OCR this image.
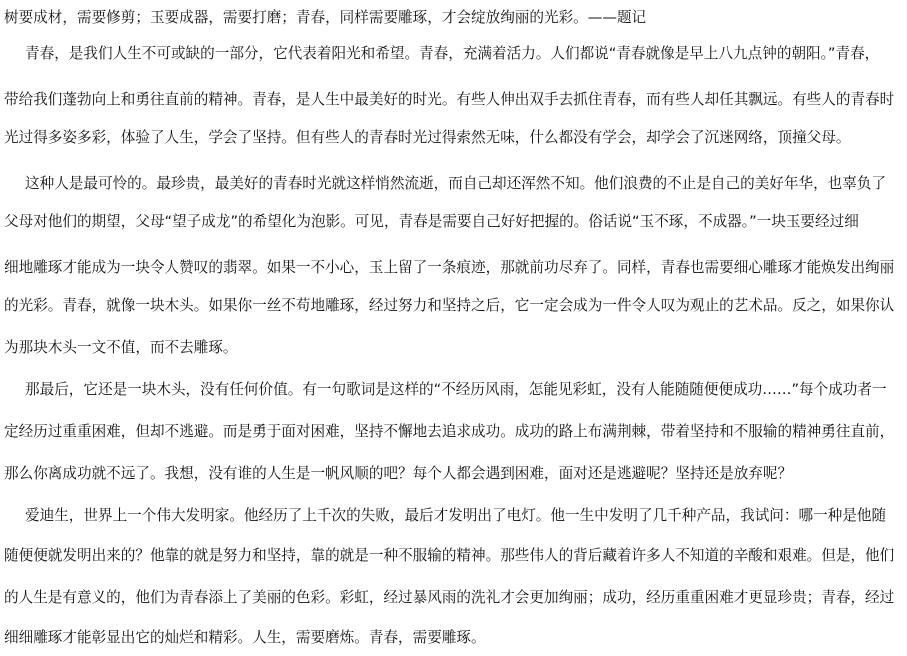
树要成材，需要修剪；玉要成器，需要打磨；青春，同样需要雕琢，才会绽放绚丽的光彩。——题记
青春，是我们人生不可或缺的一部分，它代表着阳光和希望。青春，充满着活力。人们都说“青春就像是早上八九点钟的朝阳。”青春，
带给我们蓬勃向上和勇往直前的精神。青春，是人生中最美好的时光。有些人伸出双手去抓住青春，而有些人却任其飘远。有些人的青春时
光过得多姿多彩，体验了人生，学会了坚持。但有些人的青春时光过得索然无味，什么都没有学会，却学会了沉迷网络，顶撞父母。
这种人是最可怜的。最珍贵，最美好的青春时光就这样悄然流逝，而自己却还浑然不知。他们浪费的不止是自己的美好年华，也辜负了
父母对他们的期望，父母“望子成龙”的希望化为泡影。可见，青春是需要自己好好把握的。俗话说“玉不琢，不成器。”一块玉要经过细
细地雕琢才能成为一块令人赞叹的翡翠。如果一不小心，玉上留了一条痕迹，那就前功尽弃了。同样，青春也需要细心雕琢才能焕发出绚丽
的光彩。青春，就像一块木头。如果你一丝不苟地雕琢，经过努力和坚持之后，它一定会成为一件令人叹为观止的艺术品。反之，如果你认
为那块木头一文不值，而不去雕琢。
那最后，它还是一块木头，没有任何价值。有一句歌词是这样的“不经历风雨，怎能见彩虹，没有人能随随便便成功……”每个成功者一
定经历过重重困难，但却不逃避。而是勇于面对困难，坚持不懈地去追求成功。成功的路上布满荆棘，带着坚持和不服输的精神勇往直前，
那么你离成功就不远了。我想，没有谁的人生是一帆风顺的吧？每个人都会遇到困难，面对还是逃避呢？坚持还是放弃呢？
爱迪生，世界上一个伟大发明家。他经历了上千次的失败，最后才发明出了电灯。他一生中发明了几千种产品，我试问：哪一种是他随
随便便就发明出来的？他靠的就是努力和坚持，靠的就是一种不服输的精神。那些伟人的背后藏着许多人不知道的辛酸和艰难。但是，他们
的人生是有意义的，他们为青春添上了美丽的色彩。彩虹，经过暴风雨的洗礼才会更加绚丽；成功，经历重重困难才更显珍贵；青春，经过
细细雕琢才能彰显出它的灿烂和精彩。人生，需要磨炼。青春，需要雕琢。
